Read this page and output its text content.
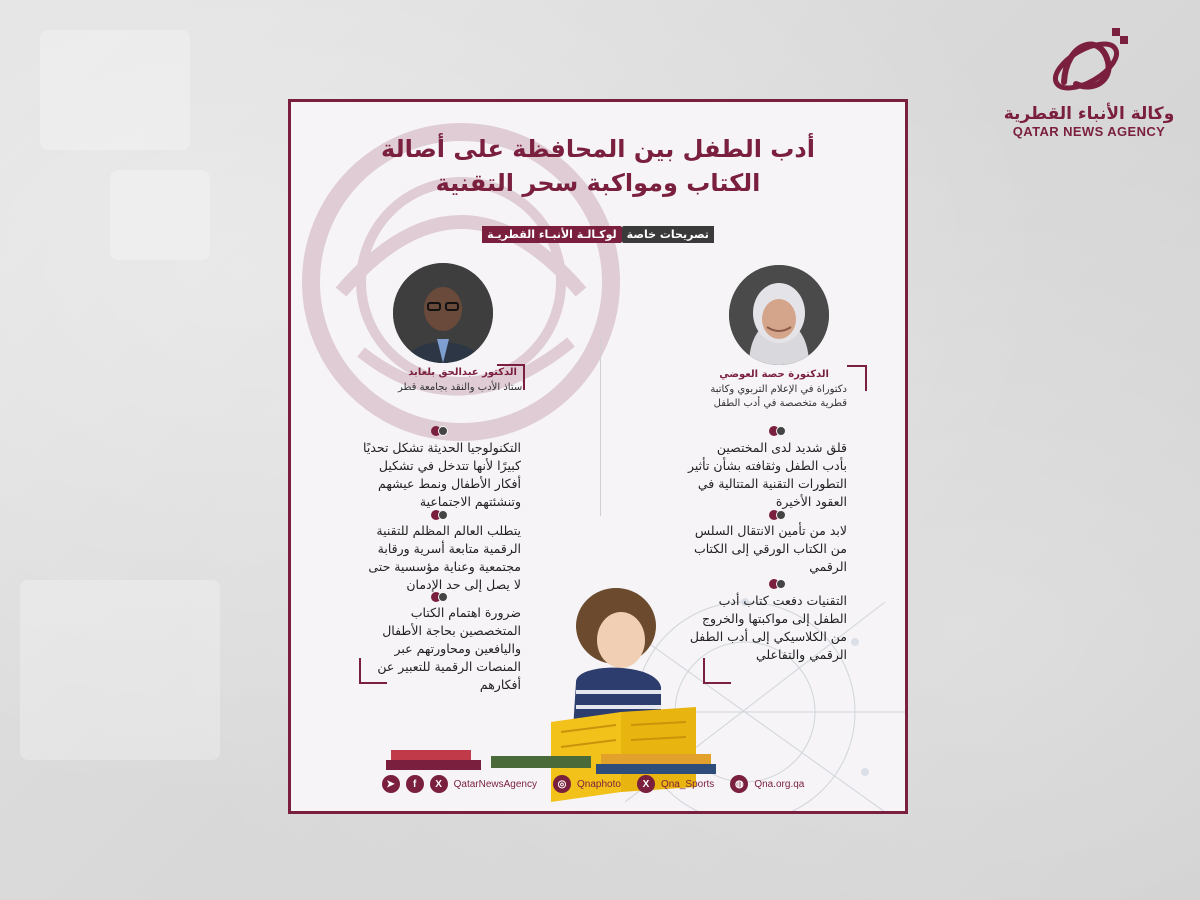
وكالة الأنباء القطرية
QATAR NEWS AGENCY
أدب الطفل بين المحافظة على أصالة
الكتاب ومواكبة سحر التقنية
تصريحات خاصة
لوكـالـة الأنبـاء القطريـة
الدكتورة حصة العوضي
دكتوراة في الإعلام التربوي وكاتبة
قطرية متخصصة في أدب الطفل
الدكتور عبدالحق بلعابد
أستاذ الأدب والنقد بجامعة قطر
قلق شديد لدى المختصين
بأدب الطفل وثقافته بشأن تأثير
التطورات التقنية المتتالية في
العقود الأخيرة
لابد من تأمين الانتقال السلس
من الكتاب الورقي إلى الكتاب
الرقمي
التقنيات دفعت كتاب أدب
الطفل إلى مواكبتها والخروج
من الكلاسيكي إلى أدب الطفل
الرقمي والتفاعلي
التكنولوجيا الحديثة تشكل تحديًا
كبيرًا لأنها تتدخل في تشكيل
أفكار الأطفال ونمط عيشهم
وتنشئتهم الاجتماعية
يتطلب العالم المظلم للتقنية
الرقمية متابعة أسرية ورقابة
مجتمعية وعناية مؤسسية حتى
لا يصل إلى حد الإدمان
ضرورة اهتمام الكتاب
المتخصصين بحاجة الأطفال
واليافعين ومحاورتهم عبر
المنصات الرقمية للتعبير عن
أفكارهم
➤	f	X	QatarNewsAgency	◎	Qnaphoto	X	Qna_Sports	◍	Qna.org.qa
